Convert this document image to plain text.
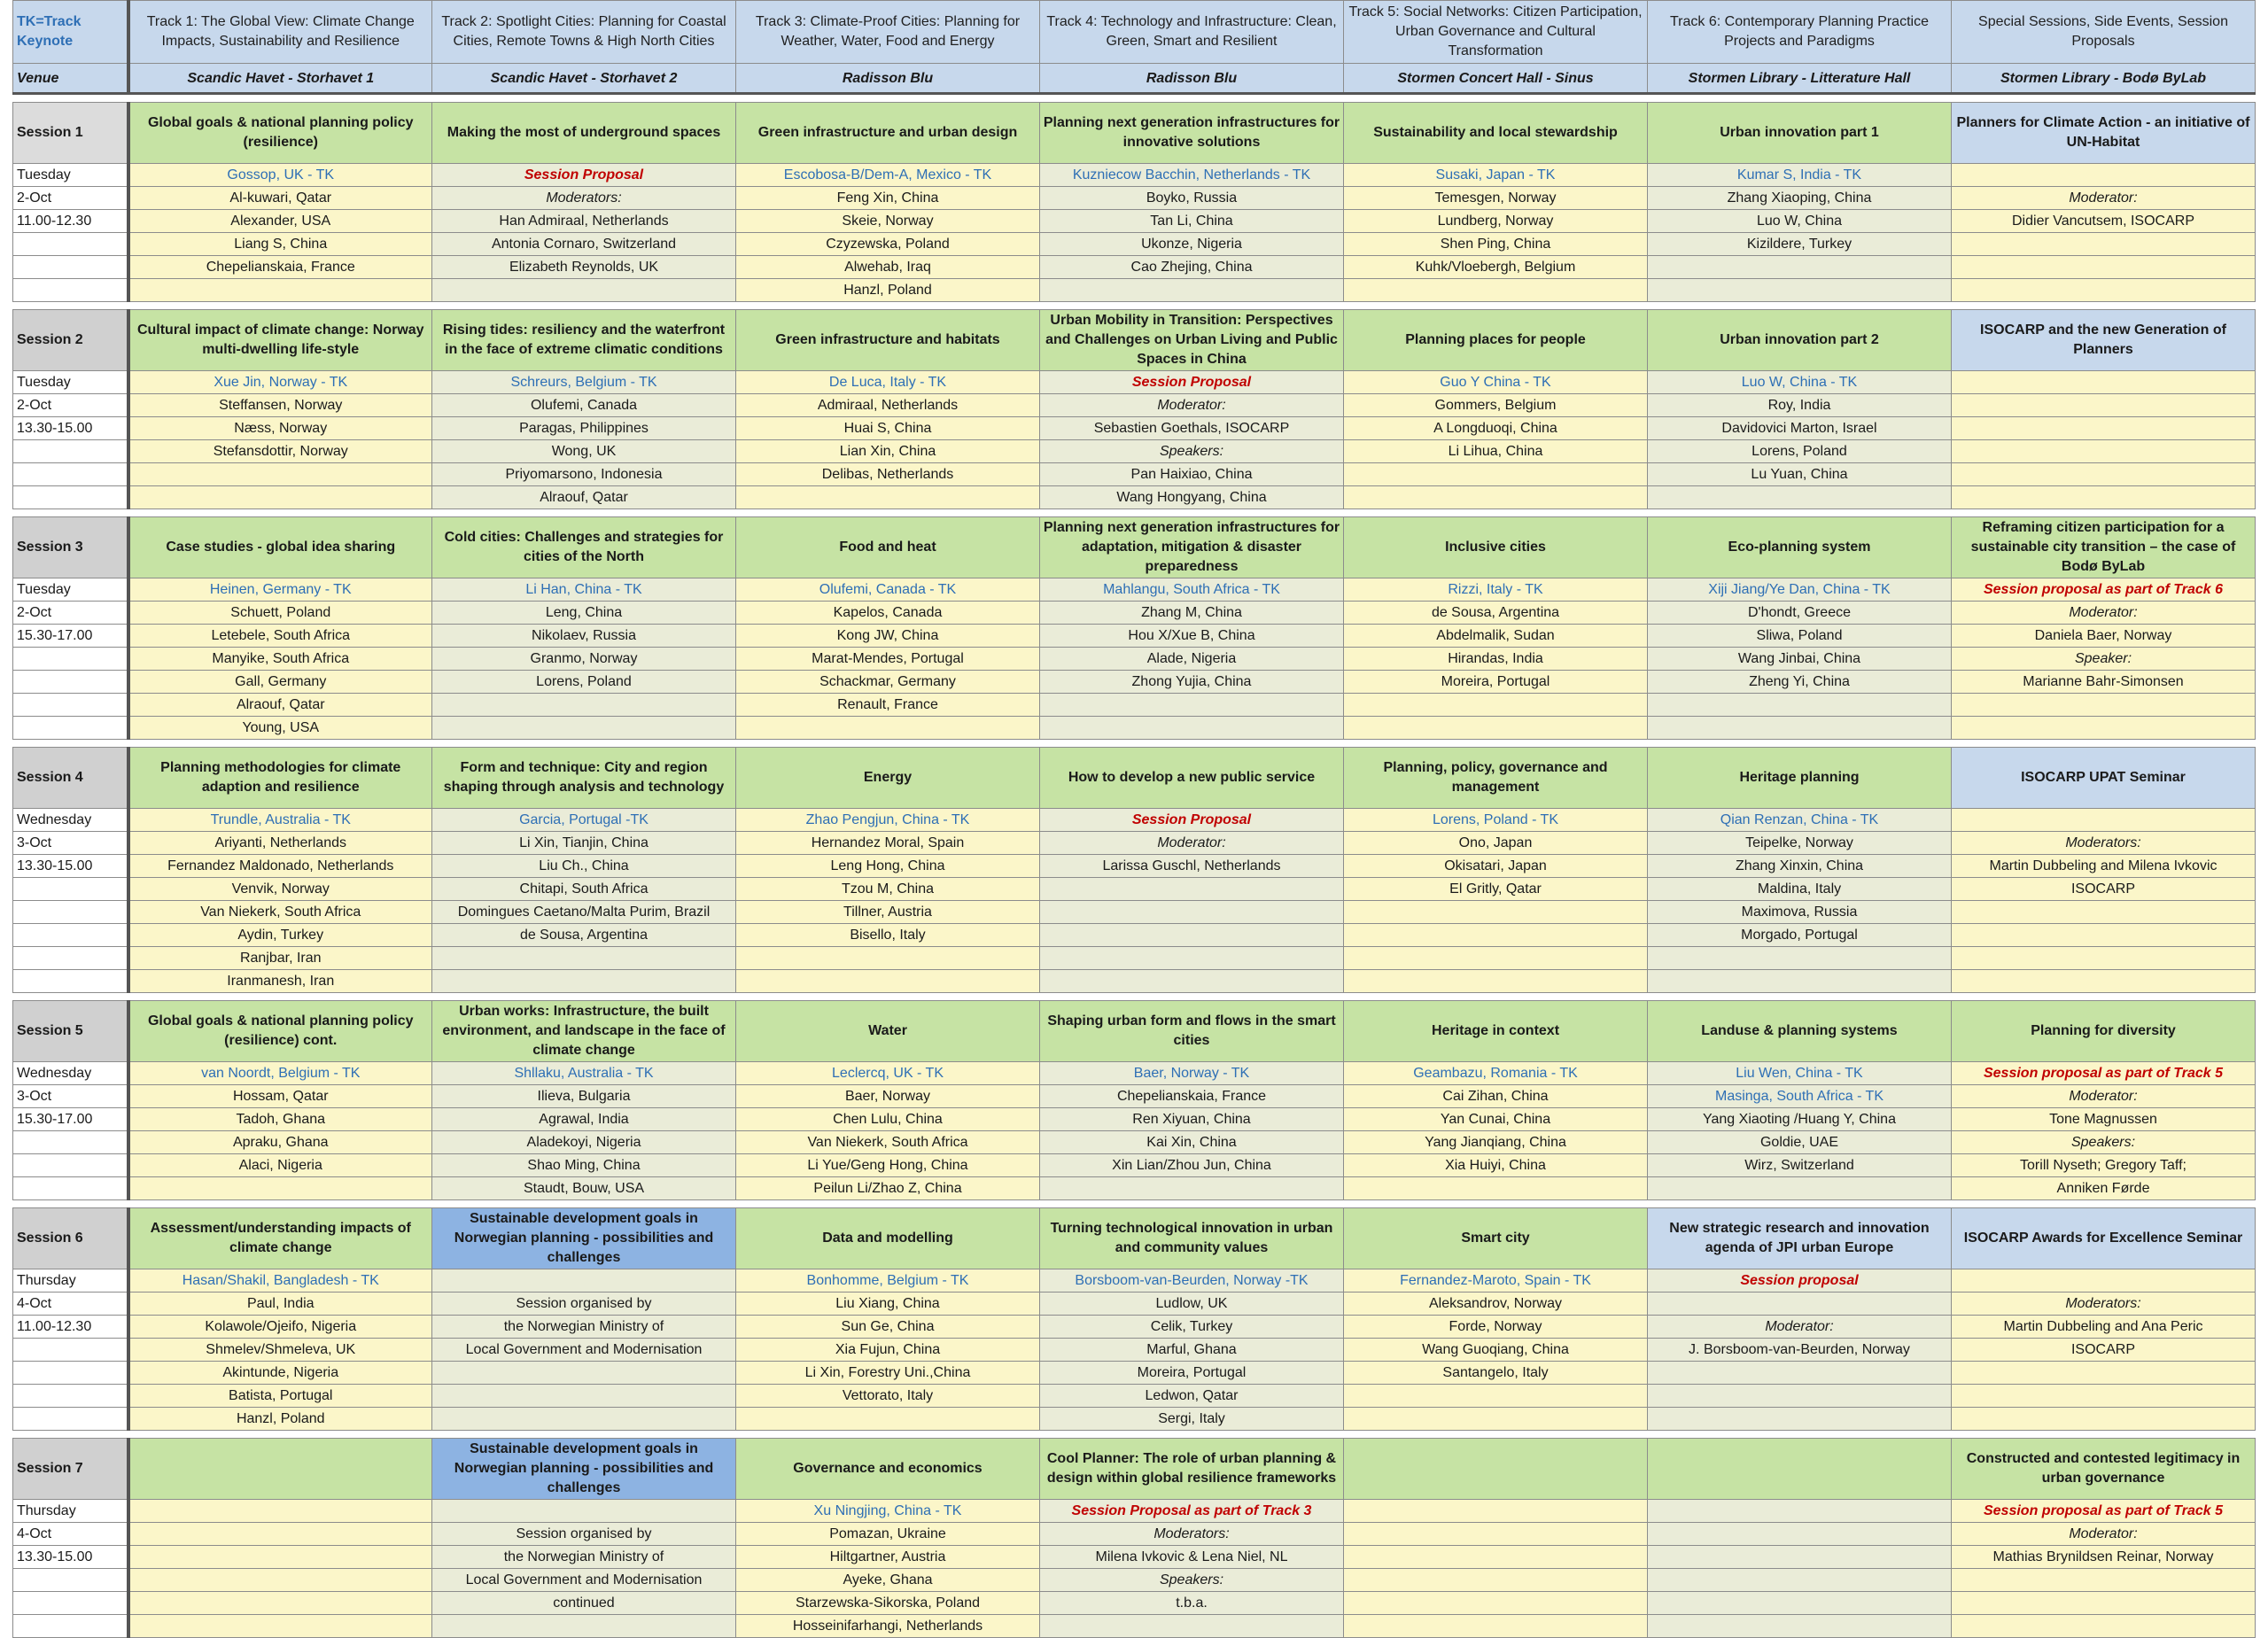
TK=Track Keynote	Track 1: The Global View: Climate Change Impacts, Sustainability and Resilience	Track 2: Spotlight Cities: Planning for Coastal Cities, Remote Towns & High North Cities	Track 3: Climate-Proof Cities: Planning for Weather, Water, Food and Energy	Track 4: Technology and Infrastructure: Clean, Green, Smart and Resilient	Track 5: Social Networks: Citizen Participation, Urban Governance and Cultural Transformation	Track 6: Contemporary Planning Practice Projects and Paradigms	Special Sessions, Side Events, Session Proposals
Venue	Scandic Havet - Storhavet 1	Scandic Havet - Storhavet 2	Radisson Blu	Radisson Blu	Stormen Concert Hall - Sinus	Stormen Library - Litterature Hall	Stormen Library - Bodø ByLab

Session 1	Global goals & national planning policy (resilience)	Making the most of underground spaces	Green infrastructure and urban design	Planning next generation infrastructures for innovative solutions	Sustainability and local stewardship	Urban innovation part 1	Planners for Climate Action - an initiative of UN-Habitat
Tuesday	Gossop, UK - TK	Session Proposal	Escobosa-B/Dem-A, Mexico - TK	Kuzniecow Bacchin, Netherlands - TK	Susaki, Japan - TK	Kumar S, India - TK	
2-Oct	Al-kuwari, Qatar	Moderators:	Feng Xin, China	Boyko, Russia	Temesgen, Norway	Zhang Xiaoping, China	Moderator:
11.00-12.30	Alexander, USA	Han Admiraal, Netherlands	Skeie, Norway	Tan Li, China	Lundberg, Norway	Luo W, China	Didier Vancutsem, ISOCARP
	Liang S, China	Antonia Cornaro, Switzerland	Czyzewska, Poland	Ukonze, Nigeria	Shen Ping, China	Kizildere, Turkey	
	Chepelianskaia, France	Elizabeth Reynolds, UK	Alwehab, Iraq	Cao Zhejing, China	Kuhk/Vloebergh, Belgium		
			Hanzl, Poland				

Session 2	Cultural impact of climate change: Norway multi-dwelling life-style	Rising tides: resiliency and the waterfront in the face of extreme climatic conditions	Green infrastructure and habitats	Urban Mobility in Transition: Perspectives and Challenges on Urban Living and Public Spaces in China	Planning places for people	Urban innovation part 2	ISOCARP and the new Generation of Planners
Tuesday	Xue Jin, Norway - TK	Schreurs, Belgium - TK	De Luca, Italy - TK	Session Proposal	Guo Y China - TK	Luo W, China - TK	
2-Oct	Steffansen, Norway	Olufemi, Canada	Admiraal, Netherlands	Moderator:	Gommers, Belgium	Roy, India	
13.30-15.00	Næss, Norway	Paragas, Philippines	Huai S, China	Sebastien Goethals, ISOCARP	A Longduoqi, China	Davidovici Marton, Israel	
	Stefansdottir, Norway	Wong, UK	Lian Xin, China	Speakers:	Li Lihua, China	Lorens, Poland	
		Priyomarsono, Indonesia	Delibas, Netherlands	Pan Haixiao, China		Lu Yuan, China	
		Alraouf, Qatar		Wang Hongyang, China			

Session 3	Case studies - global idea sharing	Cold cities: Challenges and strategies for cities of the North	Food and heat	Planning next generation infrastructures for adaptation, mitigation & disaster preparedness	Inclusive cities	Eco-planning system	Reframing citizen participation for a sustainable city transition – the case of Bodø ByLab
Tuesday	Heinen, Germany - TK	Li Han, China - TK	Olufemi, Canada - TK	Mahlangu, South Africa - TK	Rizzi, Italy - TK	Xiji Jiang/Ye Dan, China - TK	Session proposal as part of Track 6
2-Oct	Schuett, Poland	Leng, China	Kapelos, Canada	Zhang M, China	de Sousa, Argentina	D'hondt, Greece	Moderator:
15.30-17.00	Letebele, South Africa	Nikolaev, Russia	Kong JW, China	Hou X/Xue B, China	Abdelmalik, Sudan	Sliwa, Poland	Daniela Baer, Norway
	Manyike, South Africa	Granmo, Norway	Marat-Mendes, Portugal	Alade, Nigeria	Hirandas, India	Wang Jinbai, China	Speaker:
	Gall, Germany	Lorens, Poland	Schackmar, Germany	Zhong Yujia, China	Moreira, Portugal	Zheng Yi, China	Marianne Bahr-Simonsen
	Alraouf, Qatar		Renault, France				
	Young, USA						

Session 4	Planning methodologies for climate adaption and resilience	Form and technique: City and region shaping through analysis and technology	Energy	How to develop a new public service	Planning, policy, governance and management	Heritage planning	ISOCARP UPAT Seminar
Wednesday	Trundle, Australia - TK	Garcia, Portugal -TK	Zhao Pengjun, China - TK	Session Proposal	Lorens, Poland - TK	Qian Renzan, China - TK	
3-Oct	Ariyanti, Netherlands	Li Xin, Tianjin, China	Hernandez Moral, Spain	Moderator:	Ono, Japan	Teipelke, Norway	Moderators:
13.30-15.00	Fernandez Maldonado, Netherlands	Liu Ch., China	Leng Hong, China	Larissa Guschl, Netherlands	Okisatari, Japan	Zhang Xinxin, China	Martin Dubbeling and Milena Ivkovic
	Venvik, Norway	Chitapi, South Africa	Tzou M, China		El Gritly, Qatar	Maldina, Italy	ISOCARP
	Van Niekerk, South Africa	Domingues Caetano/Malta Purim, Brazil	Tillner, Austria			Maximova, Russia	
	Aydin, Turkey	de Sousa, Argentina	Bisello, Italy			Morgado, Portugal	
	Ranjbar, Iran						
	Iranmanesh, Iran						

Session 5	Global goals & national planning policy (resilience) cont.	Urban works: Infrastructure, the built environment, and landscape in the face of climate change	Water	Shaping urban form and flows in the smart cities	Heritage in context	Landuse & planning systems	Planning for diversity
Wednesday	van Noordt, Belgium - TK	Shllaku, Australia - TK	Leclercq, UK - TK	Baer, Norway - TK	Geambazu, Romania - TK	Liu Wen, China - TK	Session proposal as part of Track 5
3-Oct	Hossam, Qatar	Ilieva, Bulgaria	Baer, Norway	Chepelianskaia, France	Cai Zihan, China	Masinga, South Africa - TK	Moderator:
15.30-17.00	Tadoh, Ghana	Agrawal, India	Chen Lulu, China	Ren Xiyuan, China	Yan Cunai, China	Yang Xiaoting /Huang Y, China	Tone Magnussen
	Apraku, Ghana	Aladekoyi, Nigeria	Van Niekerk, South Africa	Kai Xin, China	Yang Jianqiang, China	Goldie, UAE	Speakers:
	Alaci, Nigeria	Shao Ming, China	Li Yue/Geng Hong, China	Xin Lian/Zhou Jun, China	Xia Huiyi, China	Wirz, Switzerland	Torill Nyseth; Gregory Taff;
		Staudt, Bouw, USA	Peilun Li/Zhao Z, China				Anniken Førde

Session 6	Assessment/understanding impacts of climate change	Sustainable development goals in Norwegian planning - possibilities and challenges	Data and modelling	Turning technological innovation in urban and community values	Smart city	New strategic research and innovation agenda of JPI urban Europe	ISOCARP Awards for Excellence Seminar
Thursday	Hasan/Shakil, Bangladesh - TK		Bonhomme, Belgium - TK	Borsboom-van-Beurden, Norway -TK	Fernandez-Maroto, Spain - TK	Session proposal	
4-Oct	Paul, India	Session organised by	Liu Xiang, China	Ludlow, UK	Aleksandrov, Norway		Moderators:
11.00-12.30	Kolawole/Ojeifo, Nigeria	the Norwegian Ministry of	Sun Ge, China	Celik, Turkey	Forde, Norway	Moderator:	Martin Dubbeling and Ana Peric
	Shmelev/Shmeleva, UK	Local Government and Modernisation	Xia Fujun, China	Marful, Ghana	Wang Guoqiang, China	J. Borsboom-van-Beurden, Norway	ISOCARP
	Akintunde, Nigeria		Li Xin, Forestry Uni.,China	Moreira, Portugal	Santangelo, Italy		
	Batista, Portugal		Vettorato, Italy	Ledwon, Qatar			
	Hanzl, Poland			Sergi, Italy			

Session 7		Sustainable development goals in Norwegian planning - possibilities and challenges	Governance and economics	Cool Planner: The role of urban planning & design within global resilience frameworks			Constructed and contested legitimacy in urban governance
Thursday			Xu Ningjing, China - TK	Session Proposal as part of Track 3			Session proposal as part of Track 5
4-Oct		Session organised by	Pomazan, Ukraine	Moderators:			Moderator:
13.30-15.00		the Norwegian Ministry of	Hiltgartner, Austria	Milena Ivkovic & Lena Niel, NL			Mathias Brynildsen Reinar, Norway
		Local Government and Modernisation	Ayeke, Ghana	Speakers:			
		continued	Starzewska-Sikorska, Poland	t.b.a.			
			Hosseinifarhangi, Netherlands				
